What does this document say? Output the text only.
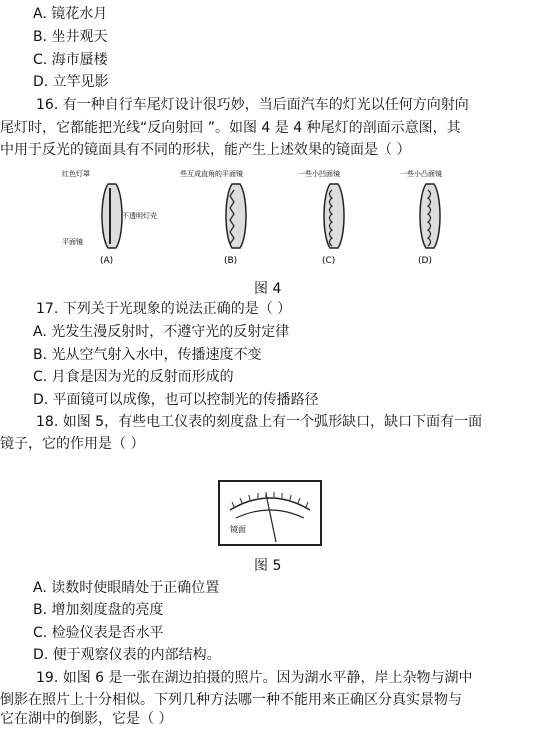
A. 镜花水月
B. 坐井观天
C. 海市蜃楼
D. 立竿见影
16. 有一种自行车尾灯设计很巧妙，当后面汽车的灯光以任何方向射向
尾灯时，它都能把光线“反向射回 ”。如图 4 是 4 种尾灯的剖面示意图，其
中用于反光的镜面具有不同的形状，能产生上述效果的镜面是（ ）
红色灯罩
不透明灯壳
平面镜
(A)
些互成直角的平面镜
(B)
一些小凹面镜
(C)
一些小凸面镜
(D)
图 4
17. 下列关于光现象的说法正确的是（ ）
A. 光发生漫反射时，不遵守光的反射定律
B. 光从空气射入水中，传播速度不变
C. 月食是因为光的反射而形成的
D. 平面镜可以成像，也可以控制光的传播路径
18. 如图 5，有些电工仪表的刻度盘上有一个弧形缺口，缺口下面有一面
镜子，它的作用是（ ）
镜面
图 5
A. 读数时使眼睛处于正确位置
B. 增加刻度盘的亮度
C. 检验仪表是否水平
D. 便于观察仪表的内部结构。
19. 如图 6 是一张在湖边拍摄的照片。因为湖水平静，岸上杂物与湖中
倒影在照片上十分相似。下列几种方法哪一种不能用来正确区分真实景物与
它在湖中的倒影，它是（ ）
